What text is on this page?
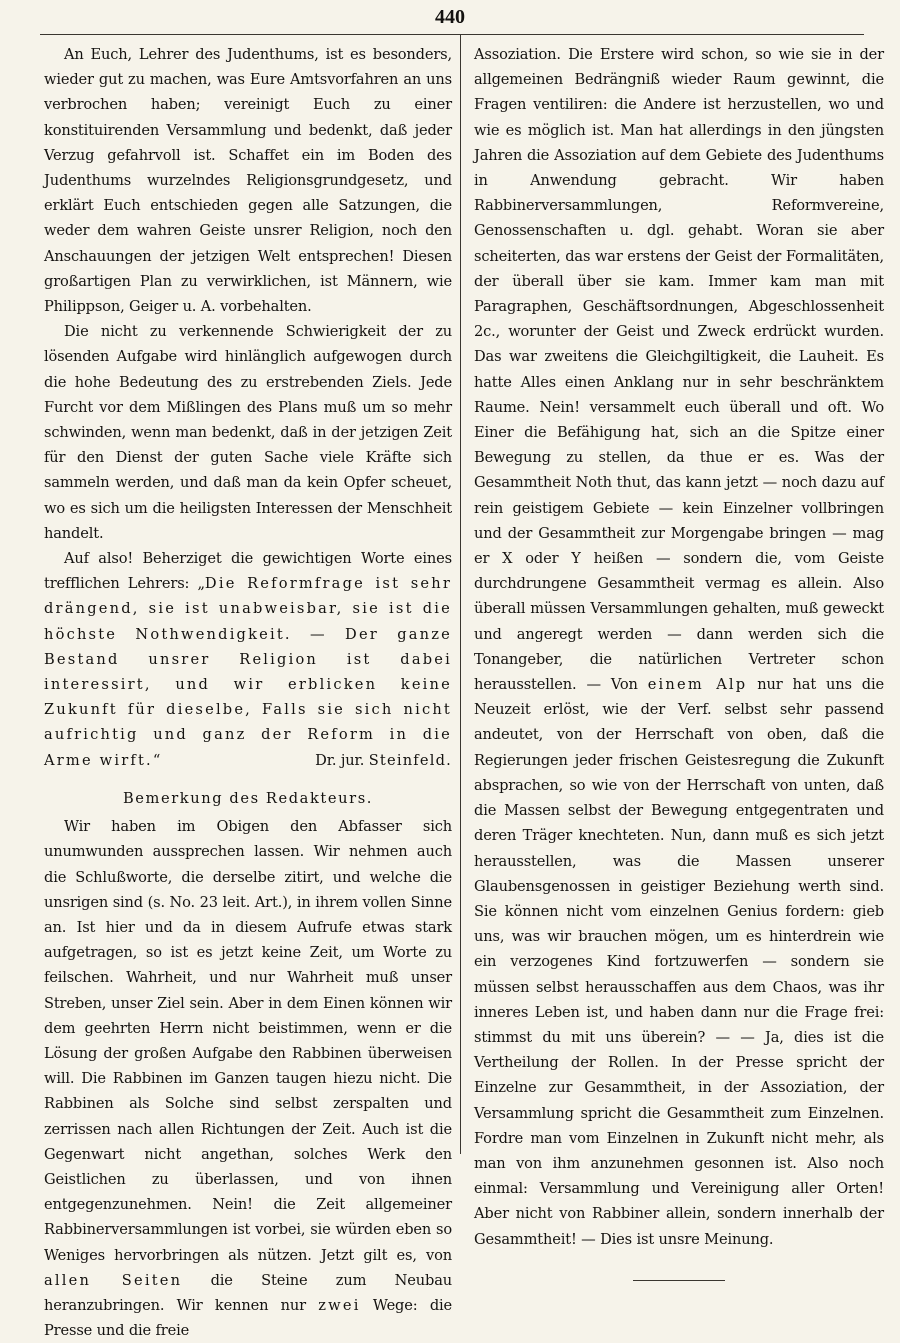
440

An Euch, Lehrer des Judenthums, ist es besonders, wieder gut zu machen, was Eure Amtsvorfahren an uns verbrochen haben; vereinigt Euch zu einer konstituirenden Versammlung und bedenkt, daß jeder Verzug gefahrvoll ist. Schaffet ein im Boden des Judenthums wurzelndes Religionsgrundgesetz, und erklärt Euch entschieden gegen alle Satzungen, die weder dem wahren Geiste unsrer Religion, noch den Anschauungen der jetzigen Welt entsprechen! Diesen großartigen Plan zu verwirklichen, ist Männern, wie Philippson, Geiger u. A. vorbehalten.

Die nicht zu verkennende Schwierigkeit der zu lösenden Aufgabe wird hinlänglich aufgewogen durch die hohe Bedeutung des zu erstrebenden Ziels. Jede Furcht vor dem Mißlingen des Plans muß um so mehr schwinden, wenn man bedenkt, daß in der jetzigen Zeit für den Dienst der guten Sache viele Kräfte sich sammeln werden, und daß man da kein Opfer scheuet, wo es sich um die heiligsten Interessen der Menschheit handelt.

Auf also! Beherziget die gewichtigen Worte eines trefflichen Lehrers: „Die Reformfrage ist sehr drängend, sie ist unabweisbar, sie ist die höchste Nothwendigkeit. — Der ganze Bestand unsrer Religion ist dabei interessirt, und wir erblicken keine Zukunft für dieselbe, Falls sie sich nicht aufrichtig und ganz der Reform in die Arme wirft.“	Dr. jur. Steinfeld.

Bemerkung des Redakteurs.

Wir haben im Obigen den Abfasser sich unumwunden aussprechen lassen. Wir nehmen auch die Schlußworte, die derselbe zitirt, und welche die unsrigen sind (s. No. 23 leit. Art.), in ihrem vollen Sinne an. Ist hier und da in diesem Aufrufe etwas stark aufgetragen, so ist es jetzt keine Zeit, um Worte zu feilschen. Wahrheit, und nur Wahrheit muß unser Streben, unser Ziel sein. Aber in dem Einen können wir dem geehrten Herrn nicht beistimmen, wenn er die Lösung der großen Aufgabe den Rabbinen überweisen will. Die Rabbinen im Ganzen taugen hiezu nicht. Die Rabbinen als Solche sind selbst zerspalten und zerrissen nach allen Richtungen der Zeit. Auch ist die Gegenwart nicht angethan, solches Werk den Geistlichen zu überlassen, und von ihnen entgegenzunehmen. Nein! die Zeit allgemeiner Rabbinerversammlungen ist vorbei, sie würden eben so Weniges hervorbringen als nützen. Jetzt gilt es, von allen Seiten die Steine zum Neubau heranzubringen. Wir kennen nur zwei Wege: die Presse und die freie

Assoziation. Die Erstere wird schon, so wie sie in der allgemeinen Bedrängniß wieder Raum gewinnt, die Fragen ventiliren: die Andere ist herzustellen, wo und wie es möglich ist. Man hat allerdings in den jüngsten Jahren die Assoziation auf dem Gebiete des Judenthums in Anwendung gebracht. Wir haben Rabbinerversammlungen, Reformvereine, Genossenschaften u. dgl. gehabt. Woran sie aber scheiterten, das war erstens der Geist der Formalitäten, der überall über sie kam. Immer kam man mit Paragraphen, Geschäftsordnungen, Abgeschlossenheit 2c., worunter der Geist und Zweck erdrückt wurden. Das war zweitens die Gleichgiltigkeit, die Lauheit. Es hatte Alles einen Anklang nur in sehr beschränktem Raume. Nein! versammelt euch überall und oft. Wo Einer die Befähigung hat, sich an die Spitze einer Bewegung zu stellen, da thue er es. Was der Gesammtheit Noth thut, das kann jetzt — noch dazu auf rein geistigem Gebiete — kein Einzelner vollbringen und der Gesammtheit zur Morgengabe bringen — mag er X oder Y heißen — sondern die, vom Geiste durchdrungene Gesammtheit vermag es allein. Also überall müssen Versammlungen gehalten, muß geweckt und angeregt werden — dann werden sich die Tonangeber, die natürlichen Vertreter schon herausstellen. — Von einem Alp nur hat uns die Neuzeit erlöst, wie der Verf. selbst sehr passend andeutet, von der Herrschaft von oben, daß die Regierungen jeder frischen Geistesregung die Zukunft absprachen, so wie von der Herrschaft von unten, daß die Massen selbst der Bewegung entgegentraten und deren Träger knechteten. Nun, dann muß es sich jetzt herausstellen, was die Massen unserer Glaubensgenossen in geistiger Beziehung werth sind. Sie können nicht vom einzelnen Genius fordern: gieb uns, was wir brauchen mögen, um es hinterdrein wie ein verzogenes Kind fortzuwerfen — sondern sie müssen selbst herausschaffen aus dem Chaos, was ihr inneres Leben ist, und haben dann nur die Frage frei: stimmst du mit uns überein? — — Ja, dies ist die Vertheilung der Rollen. In der Presse spricht der Einzelne zur Gesammtheit, in der Assoziation, der Versammlung spricht die Gesammtheit zum Einzelnen. Fordre man vom Einzelnen in Zukunft nicht mehr, als man von ihm anzunehmen gesonnen ist. Also noch einmal: Versammlung und Vereinigung aller Orten! Aber nicht von Rabbiner allein, sondern innerhalb der Gesammtheit! — Dies ist unsre Meinung.
